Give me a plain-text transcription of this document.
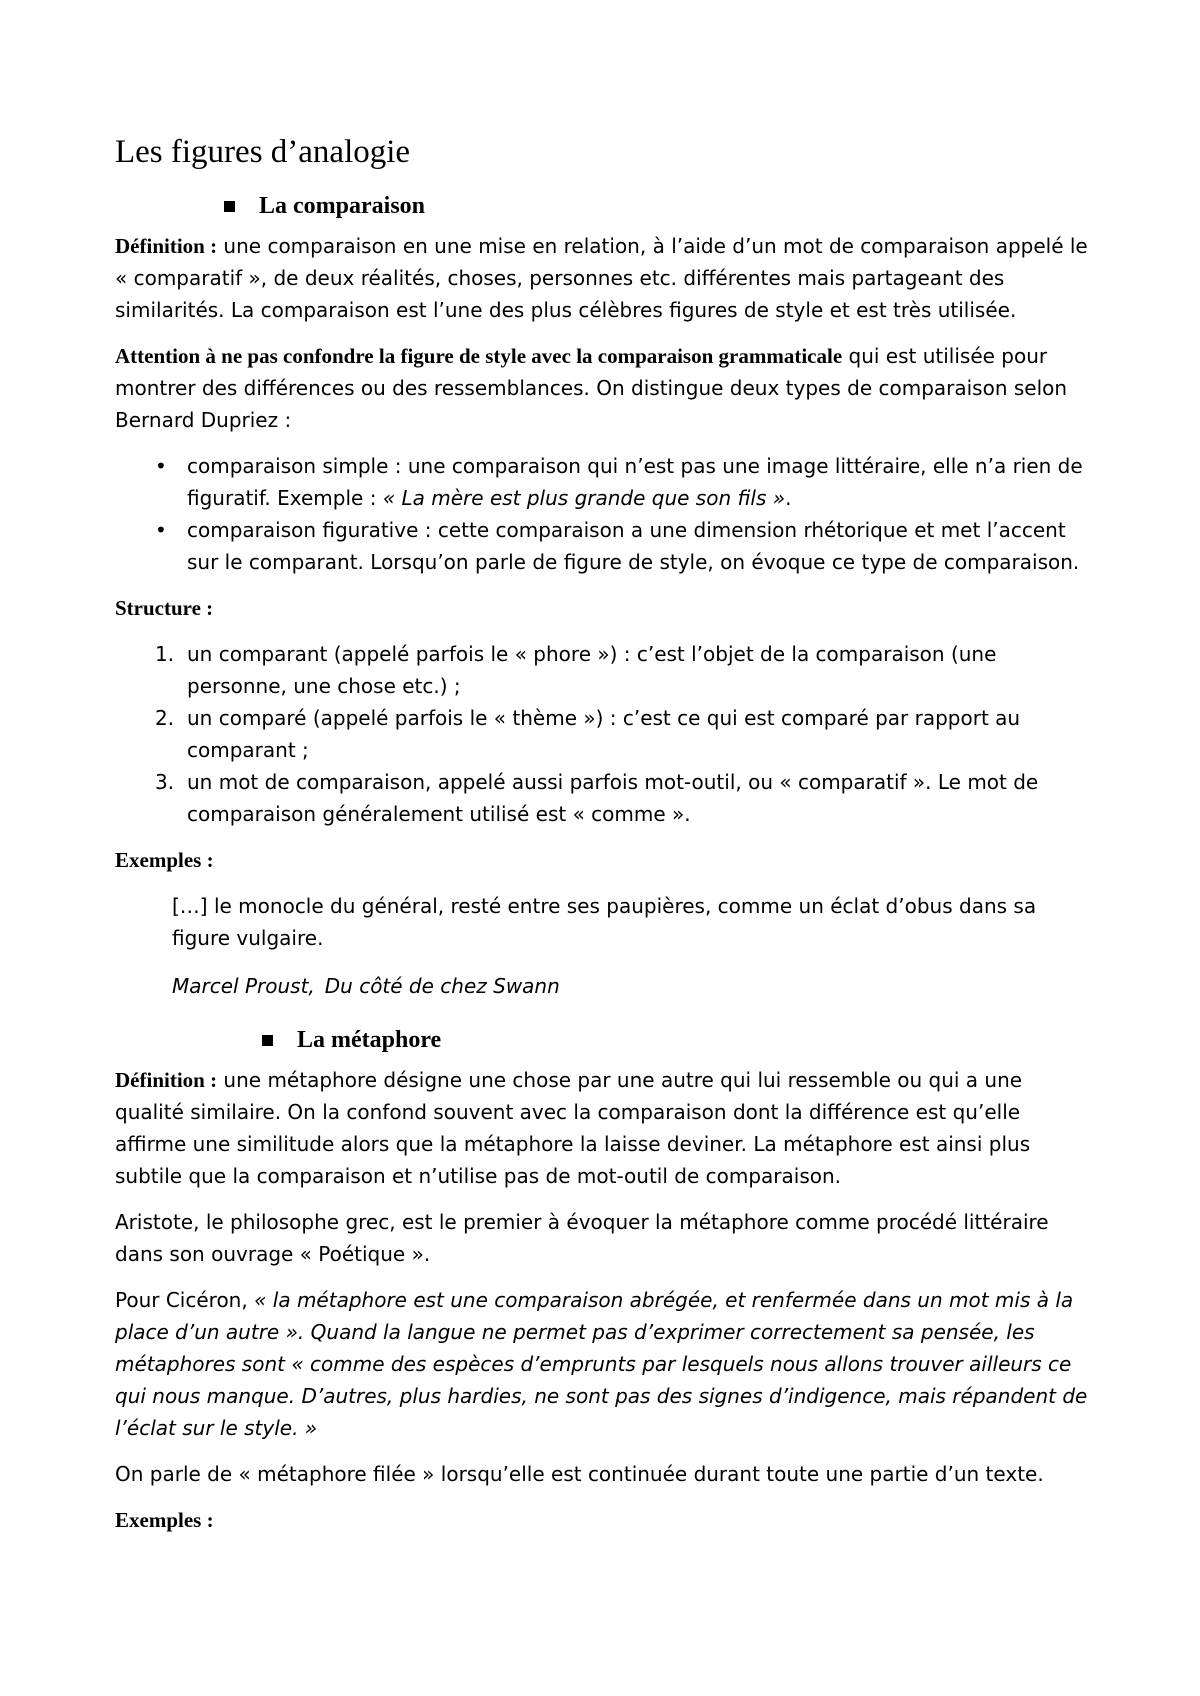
Les figures d’analogie
La comparaison

Définition : une comparaison en une mise en relation, à l’aide d’un mot de comparaison appelé le « comparatif », de deux réalités, choses, personnes etc. différentes mais partageant des similarités. La comparaison est l’une des plus célèbres figures de style et est très utilisée.

Attention à ne pas confondre la figure de style avec la comparaison grammaticale qui est utilisée pour montrer des différences ou des ressemblances. On distingue deux types de comparaison selon Bernard Dupriez :

• comparaison simple : une comparaison qui n’est pas une image littéraire, elle n’a rien de figuratif. Exemple : « La mère est plus grande que son fils ».
• comparaison figurative : cette comparaison a une dimension rhétorique et met l’accent sur le comparant. Lorsqu’on parle de figure de style, on évoque ce type de comparaison.

Structure :

1. un comparant (appelé parfois le « phore ») : c’est l’objet de la comparaison (une personne, une chose etc.) ;
2. un comparé (appelé parfois le « thème ») : c’est ce qui est comparé par rapport au comparant ;
3. un mot de comparaison, appelé aussi parfois mot-outil, ou « comparatif ». Le mot de comparaison généralement utilisé est « comme ».

Exemples :

[…] le monocle du général, resté entre ses paupières, comme un éclat d’obus dans sa figure vulgaire.
Marcel Proust, Du côté de chez Swann
La métaphore

Définition : une métaphore désigne une chose par une autre qui lui ressemble ou qui a une qualité similaire. On la confond souvent avec la comparaison dont la différence est qu’elle affirme une similitude alors que la métaphore la laisse deviner. La métaphore est ainsi plus subtile que la comparaison et n’utilise pas de mot-outil de comparaison.

Aristote, le philosophe grec, est le premier à évoquer la métaphore comme procédé littéraire dans son ouvrage « Poétique ».

Pour Cicéron, « la métaphore est une comparaison abrégée, et renfermée dans un mot mis à la place d’un autre ». Quand la langue ne permet pas d’exprimer correctement sa pensée, les métaphores sont « comme des espèces d’emprunts par lesquels nous allons trouver ailleurs ce qui nous manque. D’autres, plus hardies, ne sont pas des signes d’indigence, mais répandent de l’éclat sur le style. »

On parle de « métaphore filée » lorsqu’elle est continuée durant toute une partie d’un texte.

Exemples :
